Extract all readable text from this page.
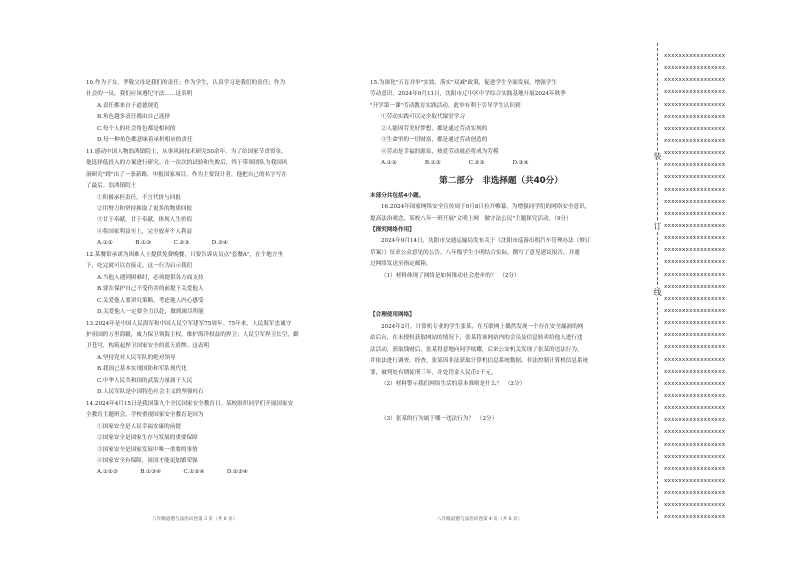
10.作为子女，孝敬父母是我们的责任；作为学生，认真学习是我们的责任；作为
社会的一员，我们应该遵纪守法……这表明
A.责任都来自于道德规范
B.角色越多责任都由自己选择
C.每个人的社会角色都是相同的
D.每一种角色都意味着承担相应的责任
11.感动中国人物翁鸿镇院士，从事风洞技术研究50余年。为了给国家节省资金，
他选择低投入的方案进行研究。在一次次的试验和失败后，终于带领团队为我国风
洞研究"蹚"出了一条新路，申报国家项目，作为主要设计者，他把自己的名字写在
了最后。翁鸿镇院士
①积极承担责任，不言代价与回报
②用努力和坚持换取了更多的物质回报
③甘于奉献，甘于奉献，体现人生价值
④将国家利益至上，完全放弃个人利益
A.①②　　　　B.①③　　　　C.②③　　　　D.③④
12.某餐馆承诺为困难人士提供免费晚餐，只要告诉店员点"套餐A"，在个地方坐
下，吃完就可以直接走。这一行为启示我们
A.当他人遇到困难时，必须提供各方面支持
B.要在保护自己不受伤害的前提下关爱他人
C.关爱他人要讲究策略，考虑他人内心感受
D.关爱他人一定要全力以赴，做到竭尽所能
13.2024年是中国人民海军和中国人民空军建军75周年。75年来，人民海军忠诚守
护祖国的万里海疆，威力保卫领海主权，维护海洋权益的捍卫；人民空军捍卫长空，御
卫苍穹，构筑起捍卫国家安全的蓝天盾牌。这表明
A.坚持党对人民军队的绝对领导
B.我国已基本实现国防和军队现代化
C.中华人民共和国的武装力量属于人民
D.人民军队是中国特色社会主义的坚强柱石
14.2024年4月15日是我国第九个全民国家安全教育日。某校组织同学们开展国家安
全教育主题班会。学校重视国家安全教育是因为
①国家安全是人民幸福安康的前提
②国家安全是国家生存与发展的重要保障
③国家安全是国家发展中唯一重要的事情
④国家安全有保障，祖国才能更加繁荣强
A.①②③　　　　B.①③④　　　　C.①②④　　　　D.②③④
15.为深化"五育并举"实效，落实"双减"政策，促进学生全面发展，增强学生
劳动意识，2024年9月11日，沈阳市辽中区中学综合实践基地开展2024年秋季
"开学第一课"劳动教育实践活动。此举有利于引导学生认识到
①劳动实践可以完全取代课堂学习
②人能因劳美好梦想，都是通过劳动实现的
③生命里的一切财富，都是通过劳动创造的
④劳动是幸福的源泉，热爱劳动就必将成为劳模
A.①②　　　　　B.①③　　　　　C.②③　　　　　D.③④
第二部分　非选择题（共40分）
本部分共包括4小题。
16.2024年国家网络安全宣传周于9月8日拉开帷幕。为增强同学们的网络安全意识，
提高法治观念，某校八年一班开展"文明上网　做守法公民"主题探究活动。（9分）
【探究网络作用】
2024年9月14日，沈阳市交通运输局发布关于《沈阳市巡游出租汽车管理办法（修订
草案）》征求公众意见的公告。八年级学生小明结合实际，撰写了意见建议报告，并通
过网络发送至指定邮箱。
（1）材料体现了网络是如何推动社会进步的？　（2分）
【合理使用网络】
2024年2月，计算机专业的学生张某，在互联网上偶然发现一个存在安全漏洞的网
站后台，在未授权获取网站的情况下，张某将该网站内的会员及信息转卖给他人进行违
法活动，获取钱财后，张某得意地向同学炫耀，后来公安机关发现了张某的违法行为，
并依法进行调查。经查，张某因非法获取计算机信息系统数据、非法控制计算机信息系统
罪，被判处有期徒刑三年，并处罚金人民币1千元。
（2）材料警示我们网络生活的基本准则是什么？　（2分）
（3）张某的行为属于哪一违法行为？　（2分）
八年级道德与法治试卷第 3 页（共 8 页）	八年级道德与法治试卷第 4 页（共 8 页）
装
订
线
xxxxxxxxxxxxxxxxx
xxxxxxxxxxxxxxxxx
xxxxxxxxxxxxxxxxx
xxxxxxxxxxxxxxxxx
xxxxxxxxxxxxxxxxx
xxxxxxxxxxxxxxxxx
xxxxxxxxxxxxxxxxx
xxxxxxxxxxxxxxxxx
xxxxxxxxxxxxxxxxx
xxxxxxxxxxxxxxxxx
xxxxxxxxxxxxxxxxx
xxxxxxxxxxxxxxxxx
xxxxxxxxxxxxxxxxx
xxxxxxxxxxxxxxxxx
xxxxxxxxxxxxxxxxx
xxxxxxxxxxxxxxxxx
xxxxxxxxxxxxxxxxx
xxxxxxxxxxxxxxxxx
xxxxxxxxxxxxxxxxx
xxxxxxxxxxxxxxxxx
xxxxxxxxxxxxxxxxx
xxxxxxxxxxxxxxxxx
xxxxxxxxxxxxxxxxx
xxxxxxxxxxxxxxxxx
xxxxxxxxxxxxxxxxx
xxxxxxxxxxxxxxxxx
xxxxxxxxxxxxxxxxx
xxxxxxxxxxxxxxxxx
xxxxxxxxxxxxxxxxx
xxxxxxxxxxxxxxxxx
xxxxxxxxxxxxxxxxx
xxxxxxxxxxxxxxxxx
xxxxxxxxxxxxxxxxx
xxxxxxxxxxxxxxxxx
xxxxxxxxxxxxxxxxx
xxxxxxxxxxxxxxxxx
xxxxxxxxxxxxxxxxx
xxxxxxxxxxxxxxxxx
xxxxxxxxxxxxxxxxx
